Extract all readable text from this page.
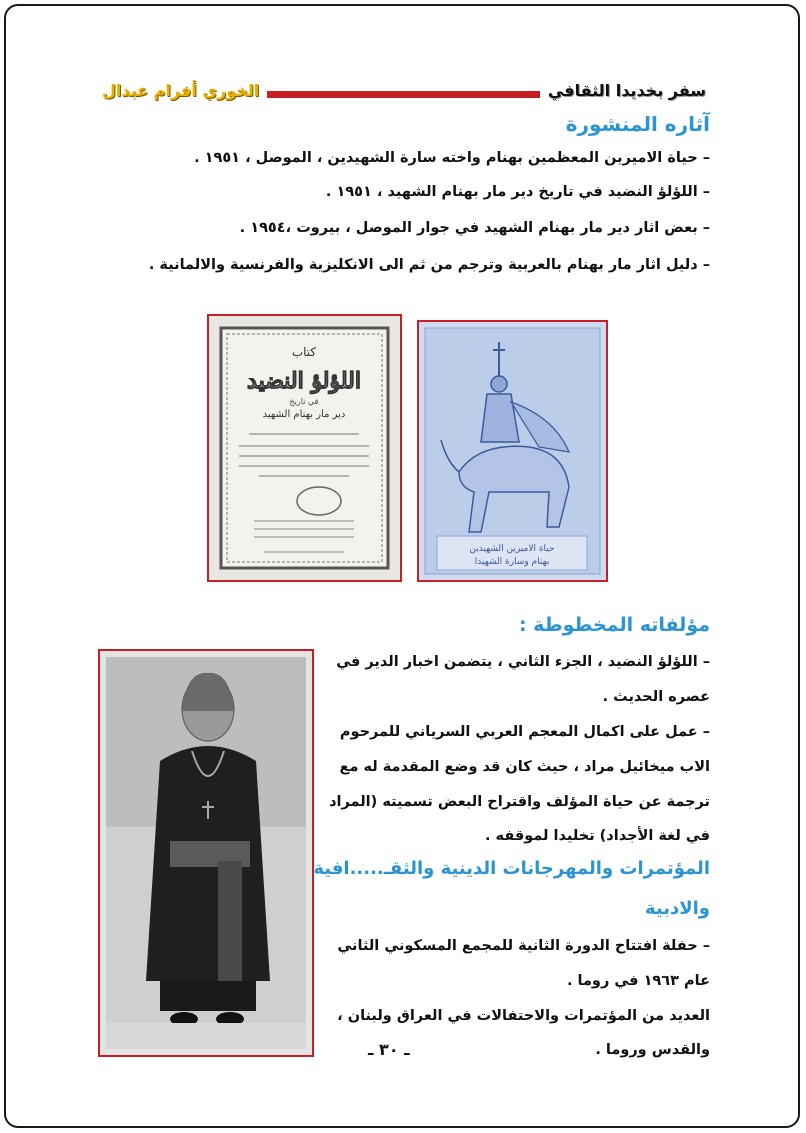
سفر بخديدا الثقافي
الخوري أفرام عبدال
آثاره المنشورة
– حياة الاميرين المعظمين بهنام واخته سارة الشهيدين ، الموصل ، ١٩٥١ .
– اللؤلؤ النضيد في تاريخ دير مار بهنام الشهيد ، ١٩٥١ .
– بعض اثار دير مار بهنام الشهيد في جوار الموصل ، بيروت ،١٩٥٤ .
– دليل اثار مار بهنام بالعربية وترجم من ثم الى الانكليزية والفرنسية والالمانية .
كتاب
اللؤلؤ النضيد
في تاريخ
دير مار بهنام الشهيد
حياة الاميرين الشهيدين
بهنام وسارة الشهيدا
مؤلفاته المخطوطة :
– اللؤلؤ النضيد ، الجزء الثاني ، يتضمن اخبار الدير في
عصره الحديث .
– عمل على اكمال المعجم العربي السرياني للمرحوم
الاب ميخائيل مراد ، حيث كان قد وضع المقدمة له مع
ترجمة عن حياة المؤلف واقتراح البعض تسميته (المراد
في لغة الأجداد) تخليدا لموقفه .
المؤتمرات والمهرجانات الدينية والثقـ.....افية
والادبية
– حفلة افتتاح الدورة الثانية للمجمع المسكوني الثاني
عام ١٩٦٣ في روما .
العديد من المؤتمرات والاحتفالات في العراق ولبنان ،
والقدس وروما .
ـ ٣٠ ـ
